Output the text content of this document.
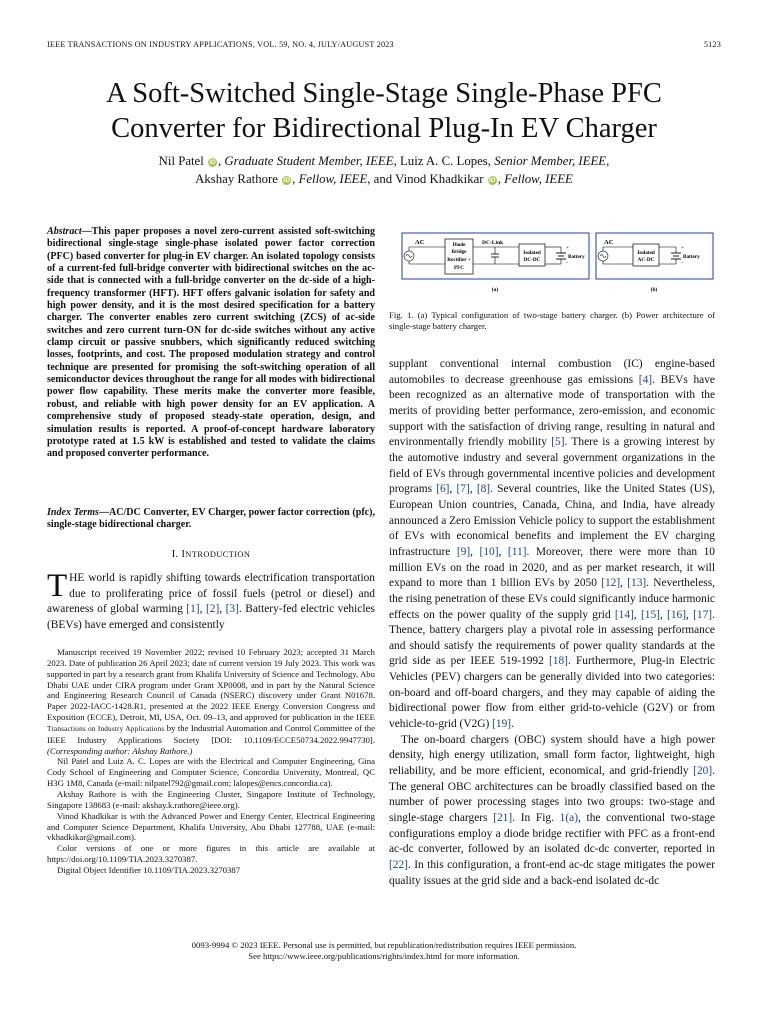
IEEE TRANSACTIONS ON INDUSTRY APPLICATIONS, VOL. 59, NO. 4, JULY/AUGUST 2023	5123
A Soft-Switched Single-Stage Single-Phase PFC
Converter for Bidirectional Plug-In EV Charger
Nil Patel iD , Graduate Student Member, IEEE, Luiz A. C. Lopes, Senior Member, IEEE,
Akshay Rathore iD , Fellow, IEEE, and Vinod Khadkikar iD , Fellow, IEEE
Abstract—This paper proposes a novel zero-current assisted soft-switching bidirectional single-stage single-phase isolated power factor correction (PFC) based converter for plug-in EV charger. An isolated topology consists of a current-fed full-bridge converter with bidirectional switches on the ac-side that is connected with a full-bridge converter on the dc-side of a high-frequency transformer (HFT). HFT offers galvanic isolation for safety and high power density, and it is the most desired specification for a battery charger. The converter enables zero current switching (ZCS) of ac-side switches and zero current turn-ON for dc-side switches without any active clamp circuit or passive snubbers, which significantly reduced switching losses, footprints, and cost. The proposed modulation strategy and control technique are presented for promising the soft-switching operation of all semiconductor devices throughout the range for all modes with bidirectional power flow capability. These merits make the converter more feasible, robust, and reliable with high power density for an EV application. A comprehensive study of proposed steady-state operation, design, and simulation results is reported. A proof-of-concept hardware laboratory prototype rated at 1.5 kW is established and tested to validate the claims and proposed converter performance.
Index Terms—AC/DC Converter, EV Charger, power factor correction (pfc), single-stage bidirectional charger.
I. INTRODUCTION
THE world is rapidly shifting towards electrification transportation due to proliferating price of fossil fuels (petrol or diesel) and awareness of global warming [1], [2], [3]. Battery-fed electric vehicles (BEVs) have emerged and consistently

Manuscript received 19 November 2022; revised 10 February 2023; accepted 31 March 2023. Date of publication 26 April 2023; date of current version 19 July 2023. This work was supported in part by a research grant from Khalifa University of Science and Technology, Abu Dhabi UAE under CIRA program under Grant XP0008, and in part by the Natural Science and Engineering Research Council of Canada (NSERC) discovery under Grant N01678. Paper 2022-IACC-1428.R1, presented at the 2022 IEEE Energy Conversion Congress and Exposition (ECCE), Detroit, MI, USA, Oct. 09–13, and approved for publication in the IEEE Transactions on Industry Applications by the Industrial Automation and Control Committee of the IEEE Industry Applications Society [DOI: 10.1109/ECCE50734.2022.9947730]. (Corresponding author: Akshay Rathore.)

Nil Patel and Luiz A. C. Lopes are with the Electrical and Computer Engineering, Gina Cody School of Engineering and Computer Science, Concordia University, Montreal, QC H3G 1M8, Canada (e-mail: nilpatel792@gmail.com; lalopes@encs.concordia.ca).

Akshay Rathore is with the Engineering Cluster, Singapore Institute of Technology, Singapore 138683 (e-mail: akshay.k.rathore@ieee.org).

Vinod Khadkikar is with the Advanced Power and Energy Center, Electrical Engineering and Computer Science Department, Khalifa University, Abu Dhabi 127788, UAE (e-mail: vkhadkikar@gmail.com).

Color versions of one or more figures in this article are available at https://doi.org/10.1109/TIA.2023.3270387.

Digital Object Identifier 10.1109/TIA.2023.3270387

AC	Diode
Bridge
Rectifier +
PFC
DC-Link
Isolated
DC-DC
+
-
Battery
(a)
AC
Isolated
AC-DC
+
-
Battery
(b)
Fig. 1. (a) Typical configuration of two-stage battery charger. (b) Power architecture of single-stage battery charger.

supplant conventional internal combustion (IC) engine-based automobiles to decrease greenhouse gas emissions [4]. BEVs have been recognized as an alternative mode of transportation with the merits of providing better performance, zero-emission, and economic support with the satisfaction of driving range, resulting in natural and environmentally friendly mobility [5]. There is a growing interest by the automotive industry and several government organizations in the field of EVs through governmental incentive policies and development programs [6], [7], [8]. Several countries, like the United States (US), European Union countries, Canada, China, and India, have already announced a Zero Emission Vehicle policy to support the establishment of EVs with economical benefits and implement the EV charging infrastructure [9], [10], [11]. Moreover, there were more than 10 million EVs on the road in 2020, and as per market research, it will expand to more than 1 billion EVs by 2050 [12], [13]. Nevertheless, the rising penetration of these EVs could significantly induce harmonic effects on the power quality of the supply grid [14], [15], [16], [17]. Thence, battery chargers play a pivotal role in assessing performance and should satisfy the requirements of power quality standards at the grid side as per IEEE 519-1992 [18]. Furthermore, Plug-in Electric Vehicles (PEV) chargers can be generally divided into two categories: on-board and off-board chargers, and they may capable of aiding the bidirectional power flow from either grid-to-vehicle (G2V) or from vehicle-to-grid (V2G) [19].

The on-board chargers (OBC) system should have a high power density, high energy utilization, small form factor, lightweight, high reliability, and be more efficient, economical, and grid-friendly [20]. The general OBC architectures can be broadly classified based on the number of power processing stages into two groups: two-stage and single-stage chargers [21]. In Fig. 1(a), the conventional two-stage configurations employ a diode bridge rectifier with PFC as a front-end ac-dc converter, followed by an isolated dc-dc converter, reported in [22]. In this configuration, a front-end ac-dc stage mitigates the power quality issues at the grid side and a back-end isolated dc-dc

0093-9994 © 2023 IEEE. Personal use is permitted, but republication/redistribution requires IEEE permission.
See https://www.ieee.org/publications/rights/index.html for more information.
